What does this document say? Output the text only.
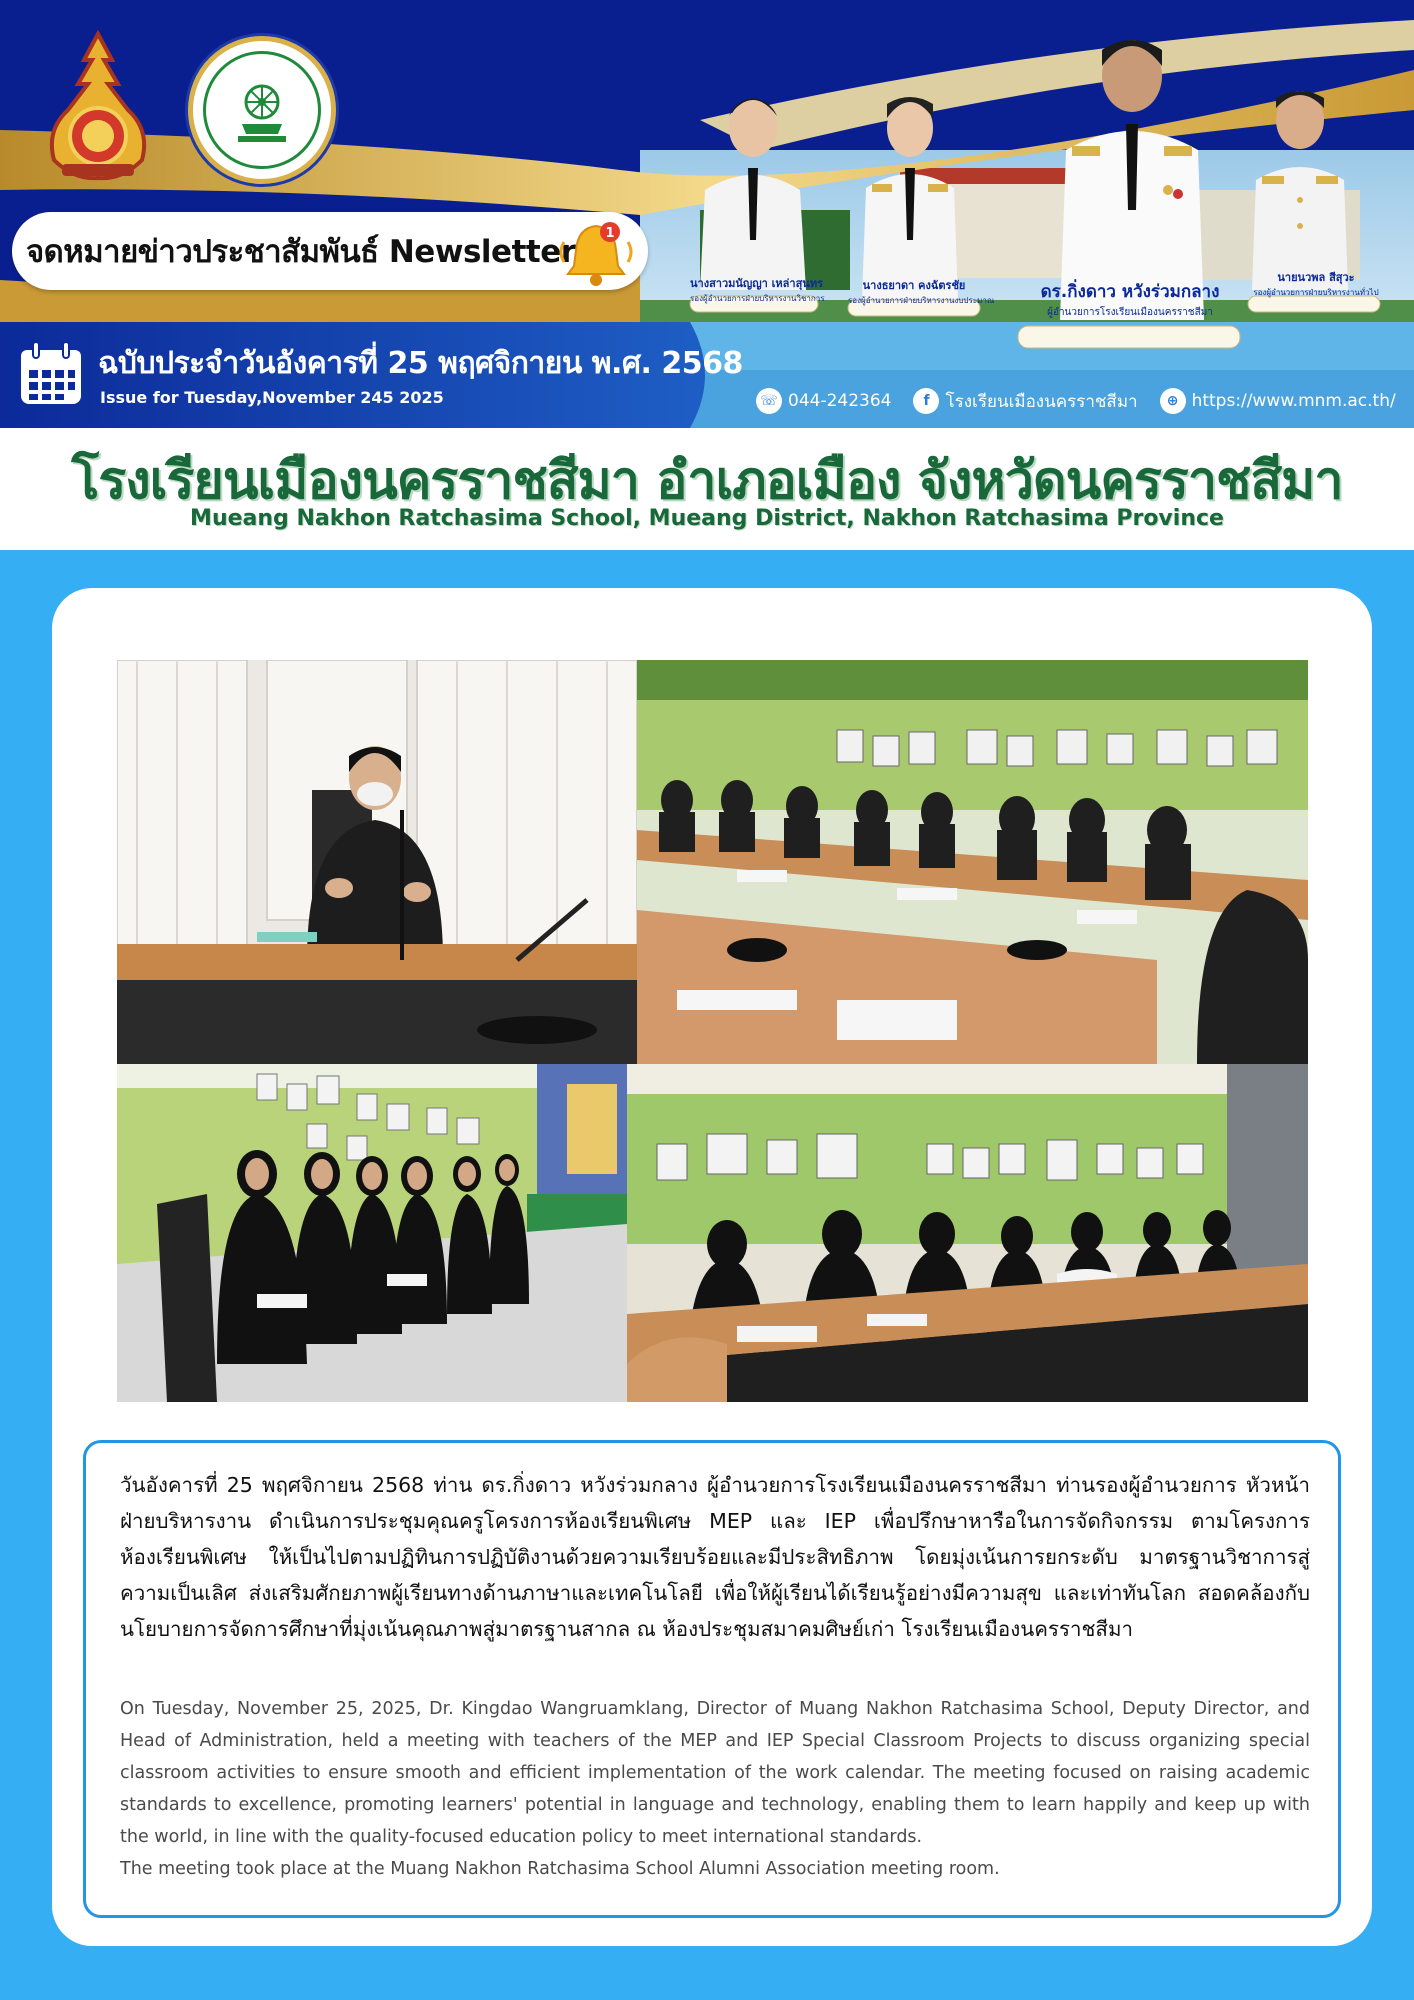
จดหมายข่าวประชาสัมพันธ์ Newsletter
1
นางสาวมนัญญา เหล่าสุนทร
รองผู้อำนวยการฝ่ายบริหารงานวิชาการ
นางธยาดา คงฉัตรชัย
รองผู้อำนวยการฝ่ายบริหารงานงบประมาณ	ดร.กิ่งดาว หวังร่วมกลาง
ผู้อำนวยการโรงเรียนเมืองนครราชสีมา
นายนวพล สีสุวะ
รองผู้อำนวยการฝ่ายบริหารงานทั่วไป
ฉบับประจำวันอังคารที่ 25 พฤศจิกายน พ.ศ. 2568
Issue for Tuesday,November 245 2025	☏ 044-242364	f โรงเรียนเมืองนครราชสีมา	⊕ https://www.mnm.ac.th/
โรงเรียนเมืองนครราชสีมา อำเภอเมือง จังหวัดนครราชสีมา
Mueang Nakhon Ratchasima School, Mueang District, Nakhon Ratchasima Province
วันอังคารที่ 25 พฤศจิกายน 2568 ท่าน ดร.กิ่งดาว หวังร่วมกลาง ผู้อำนวยการโรงเรียนเมืองนครราชสีมา ท่านรองผู้อำนวยการ หัวหน้าฝ่ายบริหารงาน ดำเนินการประชุมคุณครูโครงการห้องเรียนพิเศษ MEP และ IEP เพื่อปรึกษาหารือในการจัดกิจกรรม ตามโครงการห้องเรียนพิเศษ ให้เป็นไปตามปฏิทินการปฏิบัติงานด้วยความเรียบร้อยและมีประสิทธิภาพ โดยมุ่งเน้นการยกระดับ มาตรฐานวิชาการสู่ความเป็นเลิศ ส่งเสริมศักยภาพผู้เรียนทางด้านภาษาและเทคโนโลยี เพื่อให้ผู้เรียนได้เรียนรู้อย่างมีความสุข และเท่าทันโลก สอดคล้องกับนโยบายการจัดการศึกษาที่มุ่งเน้นคุณภาพสู่มาตรฐานสากล ณ ห้องประชุมสมาคมศิษย์เก่า โรงเรียนเมืองนครราชสีมา
On Tuesday, November 25, 2025, Dr. Kingdao Wangruamklang, Director of Muang Nakhon Ratchasima School, Deputy Director, and Head of Administration, held a meeting with teachers of the MEP and IEP Special Classroom Projects to discuss organizing special classroom activities to ensure smooth and efficient implementation of the work calendar. The meeting focused on raising academic standards to excellence, promoting learners' potential in language and technology, enabling them to learn happily and keep up with the world, in line with the quality-focused education policy to meet international standards.
The meeting took place at the Muang Nakhon Ratchasima School Alumni Association meeting room.
